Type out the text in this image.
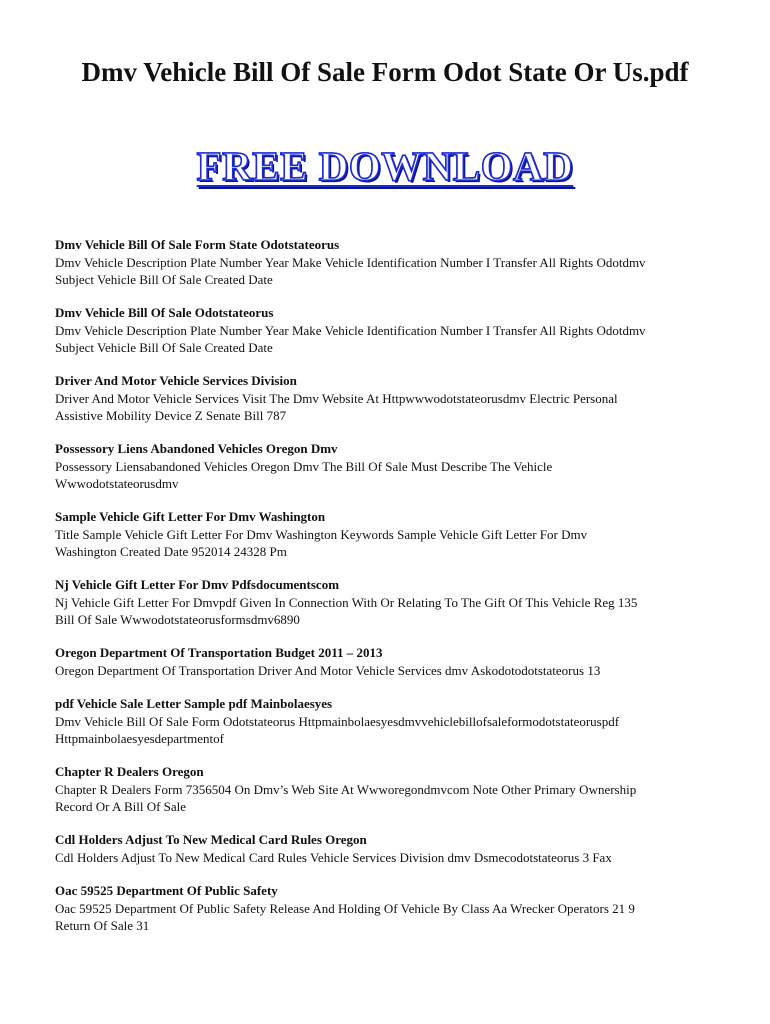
Dmv Vehicle Bill Of Sale Form Odot State Or Us.pdf
FREE DOWNLOAD
Dmv Vehicle Bill Of Sale Form State Odotstateorus
Dmv Vehicle Description Plate Number Year Make Vehicle Identification Number I Transfer All Rights Odotdmv
Subject Vehicle Bill Of Sale Created Date
Dmv Vehicle Bill Of Sale Odotstateorus
Dmv Vehicle Description Plate Number Year Make Vehicle Identification Number I Transfer All Rights Odotdmv
Subject Vehicle Bill Of Sale Created Date
Driver And Motor Vehicle Services Division
Driver And Motor Vehicle Services Visit The Dmv Website At Httpwwwodotstateorusdmv Electric Personal
Assistive Mobility Device Z Senate Bill 787
Possessory Liens Abandoned Vehicles Oregon Dmv
Possessory Liensabandoned Vehicles Oregon Dmv The Bill Of Sale Must Describe The Vehicle
Wwwodotstateorusdmv
Sample Vehicle Gift Letter For Dmv Washington
Title Sample Vehicle Gift Letter For Dmv Washington Keywords Sample Vehicle Gift Letter For Dmv
Washington Created Date 952014 24328 Pm
Nj Vehicle Gift Letter For Dmv Pdfsdocumentscom
Nj Vehicle Gift Letter For Dmvpdf Given In Connection With Or Relating To The Gift Of This Vehicle Reg 135
Bill Of Sale Wwwodotstateorusformsdmv6890
Oregon Department Of Transportation Budget 2011 – 2013
Oregon Department Of Transportation Driver And Motor Vehicle Services dmv Askodotodotstateorus 13
pdf Vehicle Sale Letter Sample pdf Mainbolaesyes
Dmv Vehicle Bill Of Sale Form Odotstateorus Httpmainbolaesyesdmvvehiclebillofsaleformodotstateoruspdf
Httpmainbolaesyesdepartmentof
Chapter R Dealers Oregon
Chapter R Dealers Form 7356504 On Dmv’s Web Site At Wwworegondmvcom Note Other Primary Ownership
Record Or A Bill Of Sale
Cdl Holders Adjust To New Medical Card Rules Oregon
Cdl Holders Adjust To New Medical Card Rules Vehicle Services Division dmv Dsmecodotstateorus 3 Fax
Oac 59525 Department Of Public Safety
Oac 59525 Department Of Public Safety Release And Holding Of Vehicle By Class Aa Wrecker Operators 21 9
Return Of Sale 31
